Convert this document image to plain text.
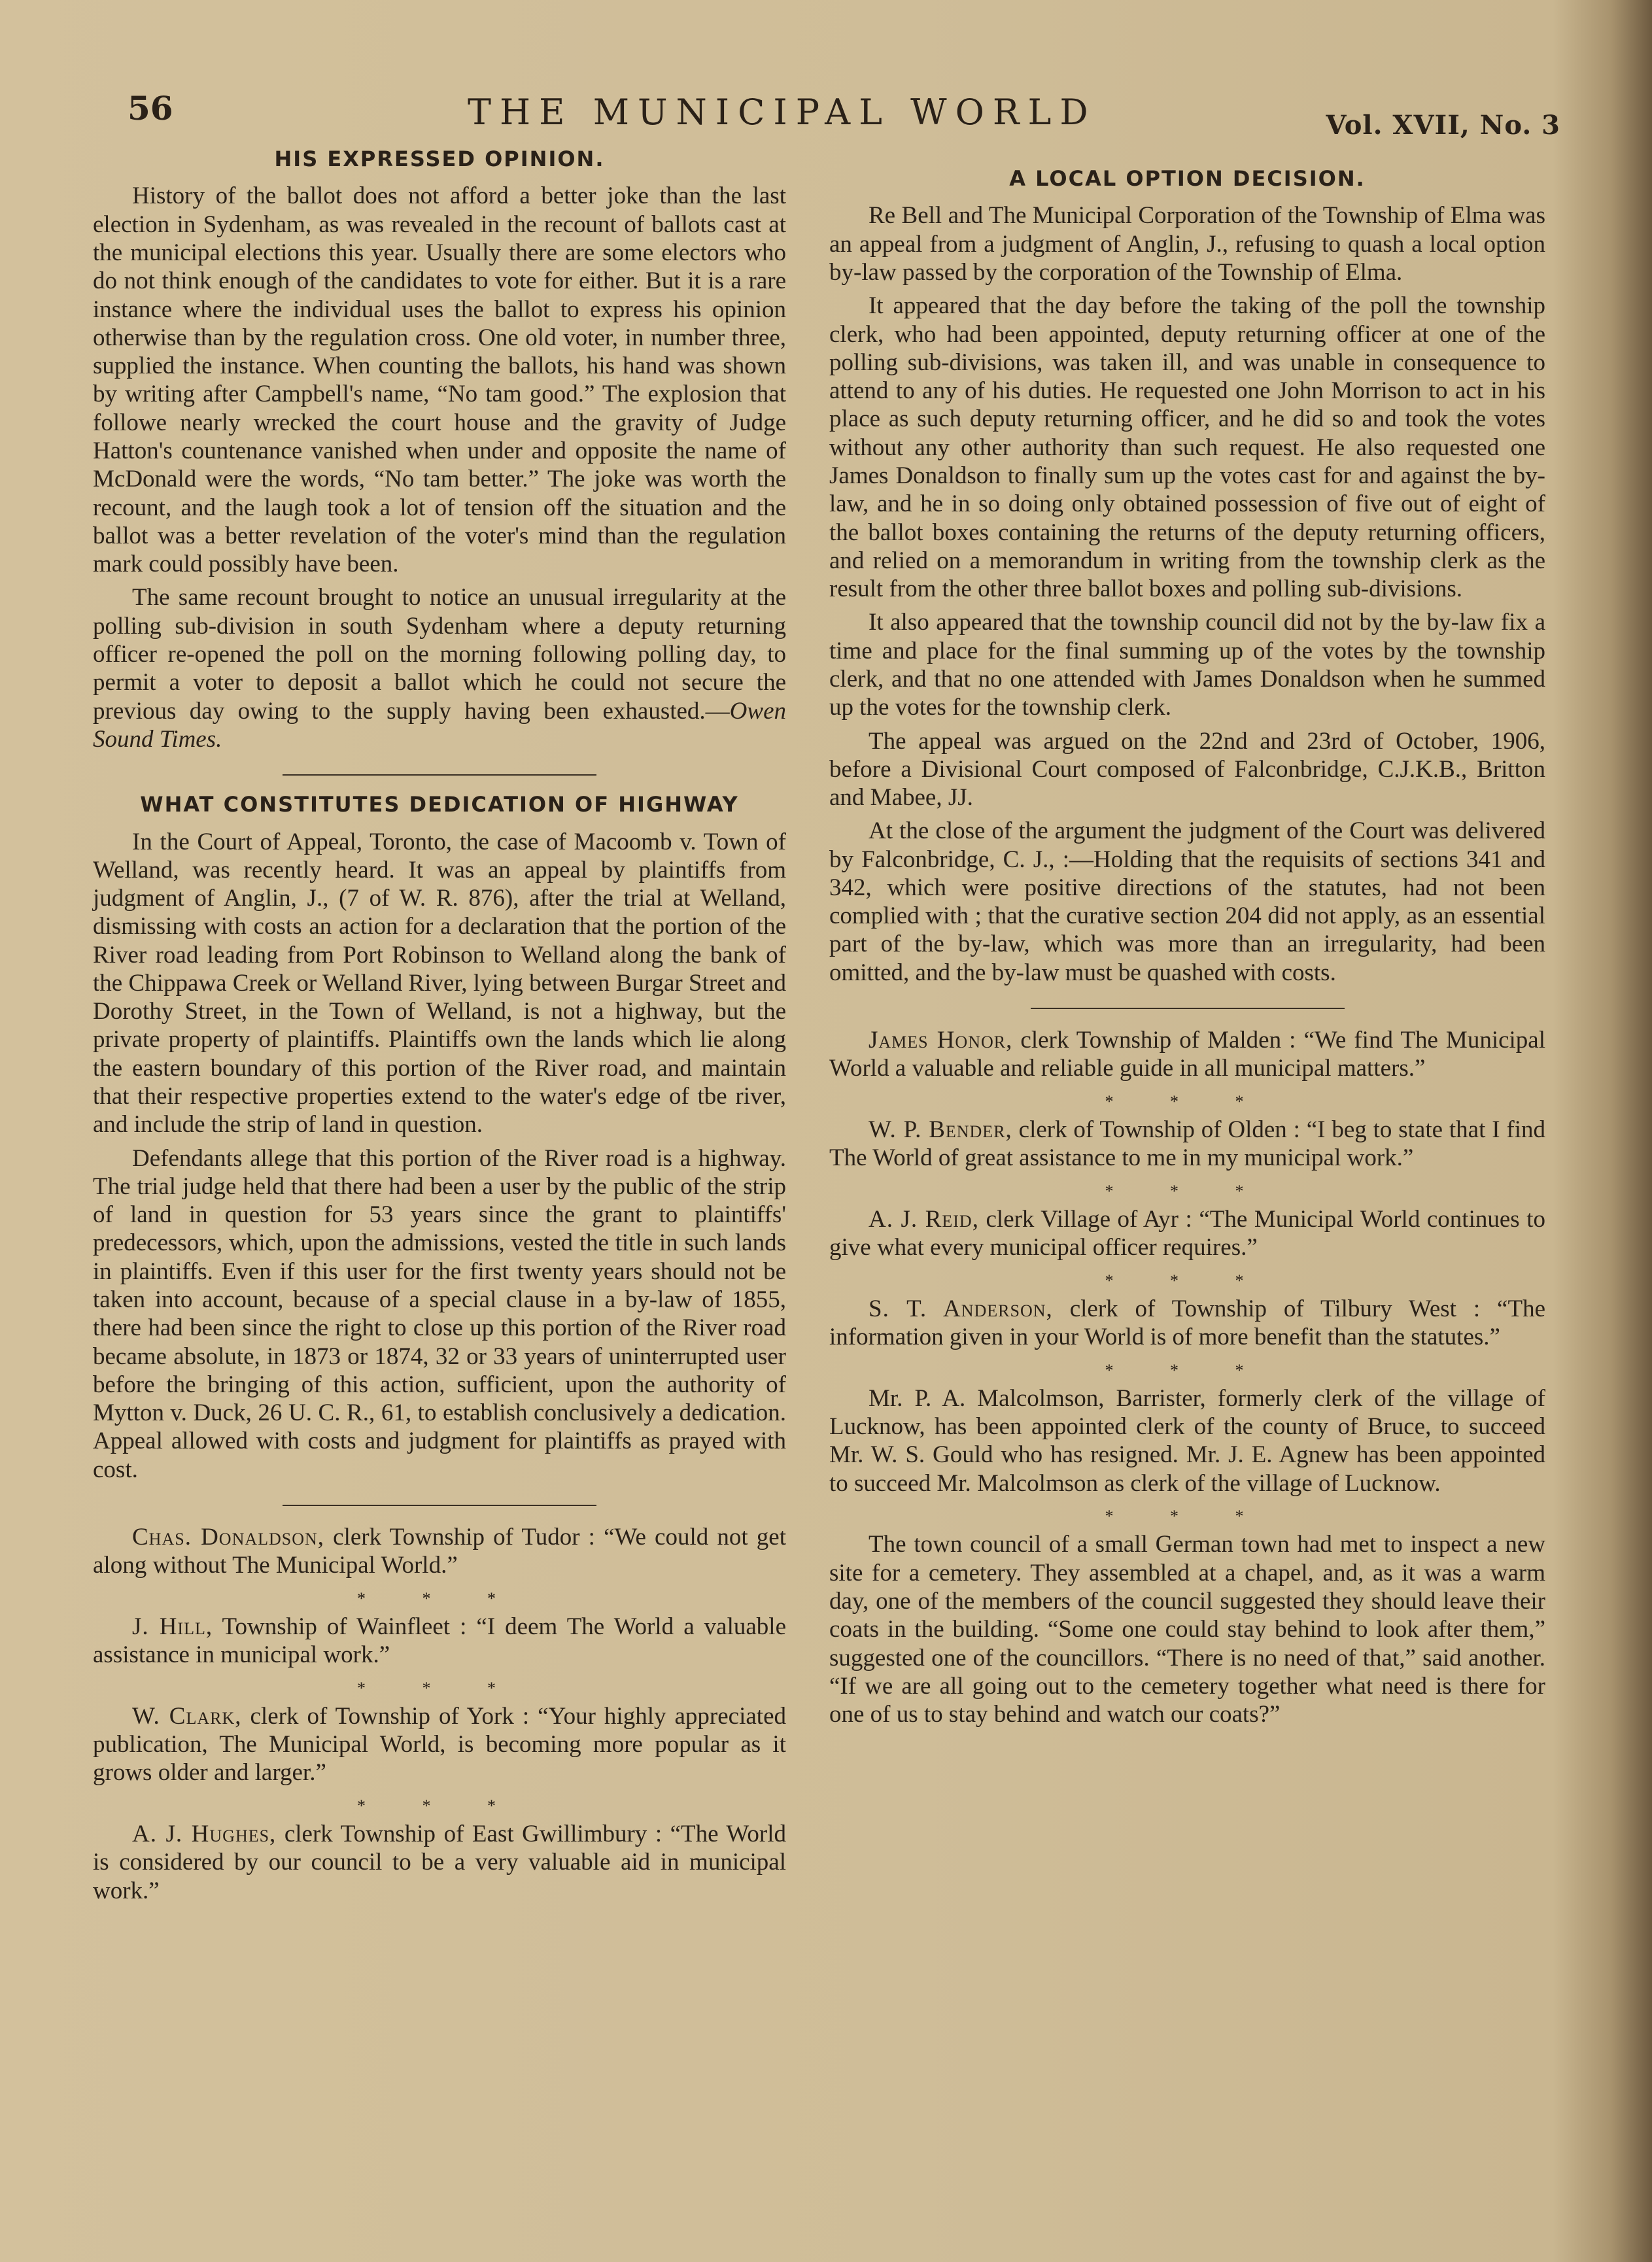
56	THE MUNICIPAL WORLD	Vol. XVII, No. 3
HIS EXPRESSED OPINION.

History of the ballot does not afford a better joke than the last election in Sydenham, as was revealed in the recount of ballots cast at the municipal elections this year. Usually there are some electors who do not think enough of the candidates to vote for either. But it is a rare instance where the individual uses the ballot to express his opinion otherwise than by the regulation cross. One old voter, in number three, supplied the instance. When counting the ballots, his hand was shown by writing after Campbell's name, “No tam good.” The explosion that followe nearly wrecked the court house and the gravity of Judge Hatton's countenance vanished when under and opposite the name of McDonald were the words, “No tam better.” The joke was worth the recount, and the laugh took a lot of tension off the situation and the ballot was a better revelation of the voter's mind than the regulation mark could possibly have been.

The same recount brought to notice an unusual irregularity at the polling sub-division in south Sydenham where a deputy returning officer re-opened the poll on the morning following polling day, to permit a voter to deposit a ballot which he could not secure the previous day owing to the supply having been exhausted.—Owen Sound Times.

WHAT CONSTITUTES DEDICATION OF HIGHWAY

In the Court of Appeal, Toronto, the case of Macoomb v. Town of Welland, was recently heard. It was an appeal by plaintiffs from judgment of Anglin, J., (7 of W. R. 876), after the trial at Welland, dismissing with costs an action for a declaration that the portion of the River road leading from Port Robinson to Welland along the bank of the Chippawa Creek or Welland River, lying between Burgar Street and Dorothy Street, in the Town of Welland, is not a highway, but the private property of plaintiffs. Plaintiffs own the lands which lie along the eastern boundary of this portion of the River road, and maintain that their respective properties extend to the water's edge of tbe river, and include the strip of land in question.

Defendants allege that this portion of the River road is a highway. The trial judge held that there had been a user by the public of the strip of land in question for 53 years since the grant to plaintiffs' predecessors, which, upon the admissions, vested the title in such lands in plaintiffs. Even if this user for the first twenty years should not be taken into account, because of a special clause in a by-law of 1855, there had been since the right to close up this portion of the River road became absolute, in 1873 or 1874, 32 or 33 years of uninterrupted user before the bringing of this action, sufficient, upon the authority of Mytton v. Duck, 26 U. C. R., 61, to establish conclusively a dedication. Appeal allowed with costs and judgment for plaintiffs as prayed with cost.

Chas. Donaldson, clerk Township of Tudor : “We could not get along without The Municipal World.”

* * *

J. Hill, Township of Wainfleet : “I deem The World a valuable assistance in municipal work.”

* * *

W. Clark, clerk of Township of York : “Your highly appreciated publication, The Municipal World, is becoming more popular as it grows older and larger.”

* * *

A. J. Hughes, clerk Township of East Gwillimbury : “The World is considered by our council to be a very valuable aid in municipal work.”

A LOCAL OPTION DECISION.

Re Bell and The Municipal Corporation of the Township of Elma was an appeal from a judgment of Anglin, J., refusing to quash a local option by-law passed by the corporation of the Township of Elma.

It appeared that the day before the taking of the poll the township clerk, who had been appointed, deputy returning officer at one of the polling sub-divisions, was taken ill, and was unable in consequence to attend to any of his duties. He requested one John Morrison to act in his place as such deputy returning officer, and he did so and took the votes without any other authority than such request. He also requested one James Donaldson to finally sum up the votes cast for and against the by-law, and he in so doing only obtained possession of five out of eight of the ballot boxes containing the returns of the deputy returning officers, and relied on a memorandum in writing from the township clerk as the result from the other three ballot boxes and polling sub-divisions.

It also appeared that the township council did not by the by-law fix a time and place for the final summing up of the votes by the township clerk, and that no one attended with James Donaldson when he summed up the votes for the township clerk.

The appeal was argued on the 22nd and 23rd of October, 1906, before a Divisional Court composed of Falconbridge, C.J.K.B., Britton and Mabee, JJ.

At the close of the argument the judgment of the Court was delivered by Falconbridge, C. J., :—Holding that the requisits of sections 341 and 342, which were positive directions of the statutes, had not been complied with ; that the curative section 204 did not apply, as an essential part of the by-law, which was more than an irregularity, had been omitted, and the by-law must be quashed with costs.

James Honor, clerk Township of Malden : “We find The Municipal World a valuable and reliable guide in all municipal matters.”

* * *

W. P. Bender, clerk of Township of Olden : “I beg to state that I find The World of great assistance to me in my municipal work.”

* * *

A. J. Reid, clerk Village of Ayr : “The Municipal World continues to give what every municipal officer requires.”

* * *

S. T. Anderson, clerk of Township of Tilbury West : “The information given in your World is of more benefit than the statutes.”

* * *

Mr. P. A. Malcolmson, Barrister, formerly clerk of the village of Lucknow, has been appointed clerk of the county of Bruce, to succeed Mr. W. S. Gould who has resigned. Mr. J. E. Agnew has been appointed to succeed Mr. Malcolmson as clerk of the village of Lucknow.

* * *

The town council of a small German town had met to inspect a new site for a cemetery. They assembled at a chapel, and, as it was a warm day, one of the members of the council suggested they should leave their coats in the building. “Some one could stay behind to look after them,” suggested one of the councillors. “There is no need of that,” said another. “If we are all going out to the cemetery together what need is there for one of us to stay behind and watch our coats?”
